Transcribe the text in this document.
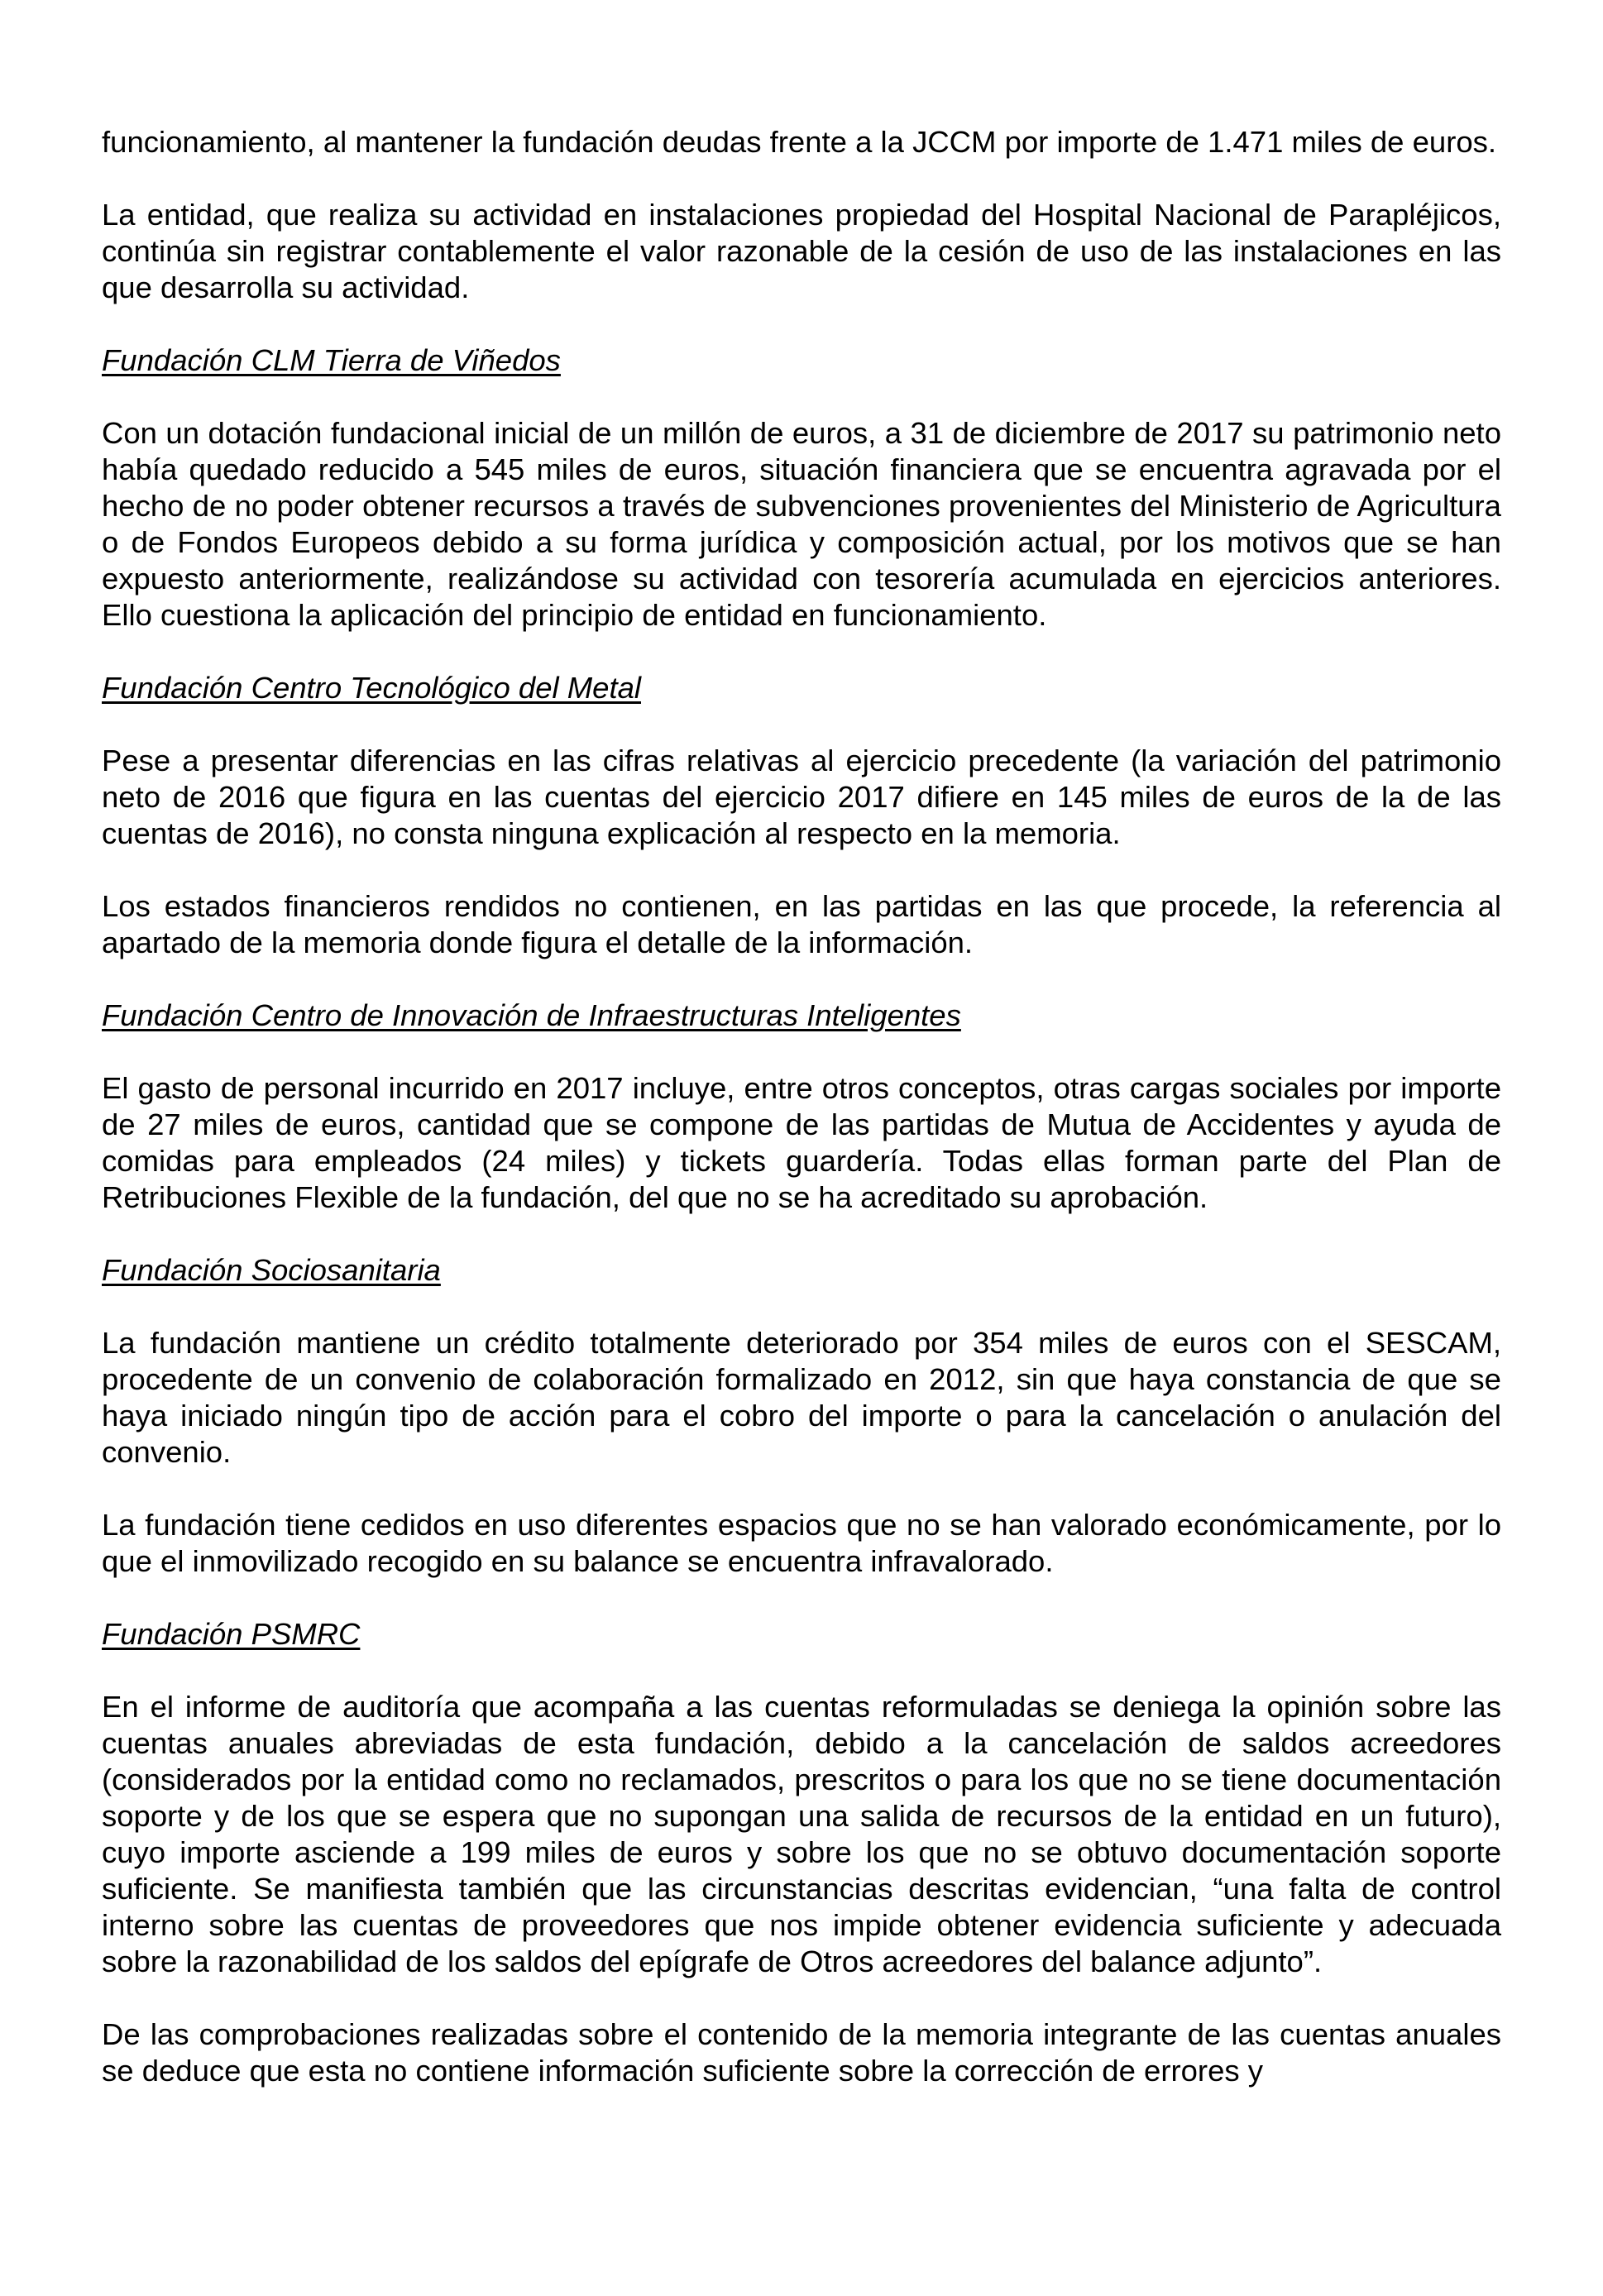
funcionamiento, al mantener la fundación deudas frente a la JCCM por importe de 1.471 miles de euros.

La entidad, que realiza su actividad en instalaciones propiedad del Hospital Nacional de Parapléjicos, continúa sin registrar contablemente el valor razonable de la cesión de uso de las instalaciones en las que desarrolla su actividad.

Fundación CLM Tierra de Viñedos

Con un dotación fundacional inicial de un millón de euros, a 31 de diciembre de 2017 su patrimonio neto había quedado reducido a 545 miles de euros, situación financiera que se encuentra agravada por el hecho de no poder obtener recursos a través de subvenciones provenientes del Ministerio de Agricultura o de Fondos Europeos debido a su forma jurídica y composición actual, por los motivos que se han expuesto anteriormente, realizándose su actividad con tesorería acumulada en ejercicios anteriores. Ello cuestiona la aplicación del principio de entidad en funcionamiento.

Fundación Centro Tecnológico del Metal

Pese a presentar diferencias en las cifras relativas al ejercicio precedente (la variación del patrimonio neto de 2016 que figura en las cuentas del ejercicio 2017 difiere en 145 miles de euros de la de las cuentas de 2016), no consta ninguna explicación al respecto en la memoria.

Los estados financieros rendidos no contienen, en las partidas en las que procede, la referencia al apartado de la memoria donde figura el detalle de la información.

Fundación Centro de Innovación de Infraestructuras Inteligentes

El gasto de personal incurrido en 2017 incluye, entre otros conceptos, otras cargas sociales por importe de 27 miles de euros, cantidad que se compone de las partidas de Mutua de Accidentes y ayuda de comidas para empleados (24 miles) y tickets guardería. Todas ellas forman parte del Plan de Retribuciones Flexible de la fundación, del que no se ha acreditado su aprobación.

Fundación Sociosanitaria

La fundación mantiene un crédito totalmente deteriorado por 354 miles de euros con el SESCAM, procedente de un convenio de colaboración formalizado en 2012, sin que haya constancia de que se haya iniciado ningún tipo de acción para el cobro del importe o para la cancelación o anulación del convenio.

La fundación tiene cedidos en uso diferentes espacios que no se han valorado económicamente, por lo que el inmovilizado recogido en su balance se encuentra infravalorado.

Fundación PSMRC

En el informe de auditoría que acompaña a las cuentas reformuladas se deniega la opinión sobre las cuentas anuales abreviadas de esta fundación, debido a la cancelación de saldos acreedores (considerados por la entidad como no reclamados, prescritos o para los que no se tiene documentación soporte y de los que se espera que no supongan una salida de recursos de la entidad en un futuro), cuyo importe asciende a 199 miles de euros y sobre los que no se obtuvo documentación soporte suficiente. Se manifiesta también que las circunstancias descritas evidencian, “una falta de control interno sobre las cuentas de proveedores que nos impide obtener evidencia suficiente y adecuada sobre la razonabilidad de los saldos del epígrafe de Otros acreedores del balance adjunto”.

De las comprobaciones realizadas sobre el contenido de la memoria integrante de las cuentas anuales se deduce que esta no contiene información suficiente sobre la corrección de errores y
